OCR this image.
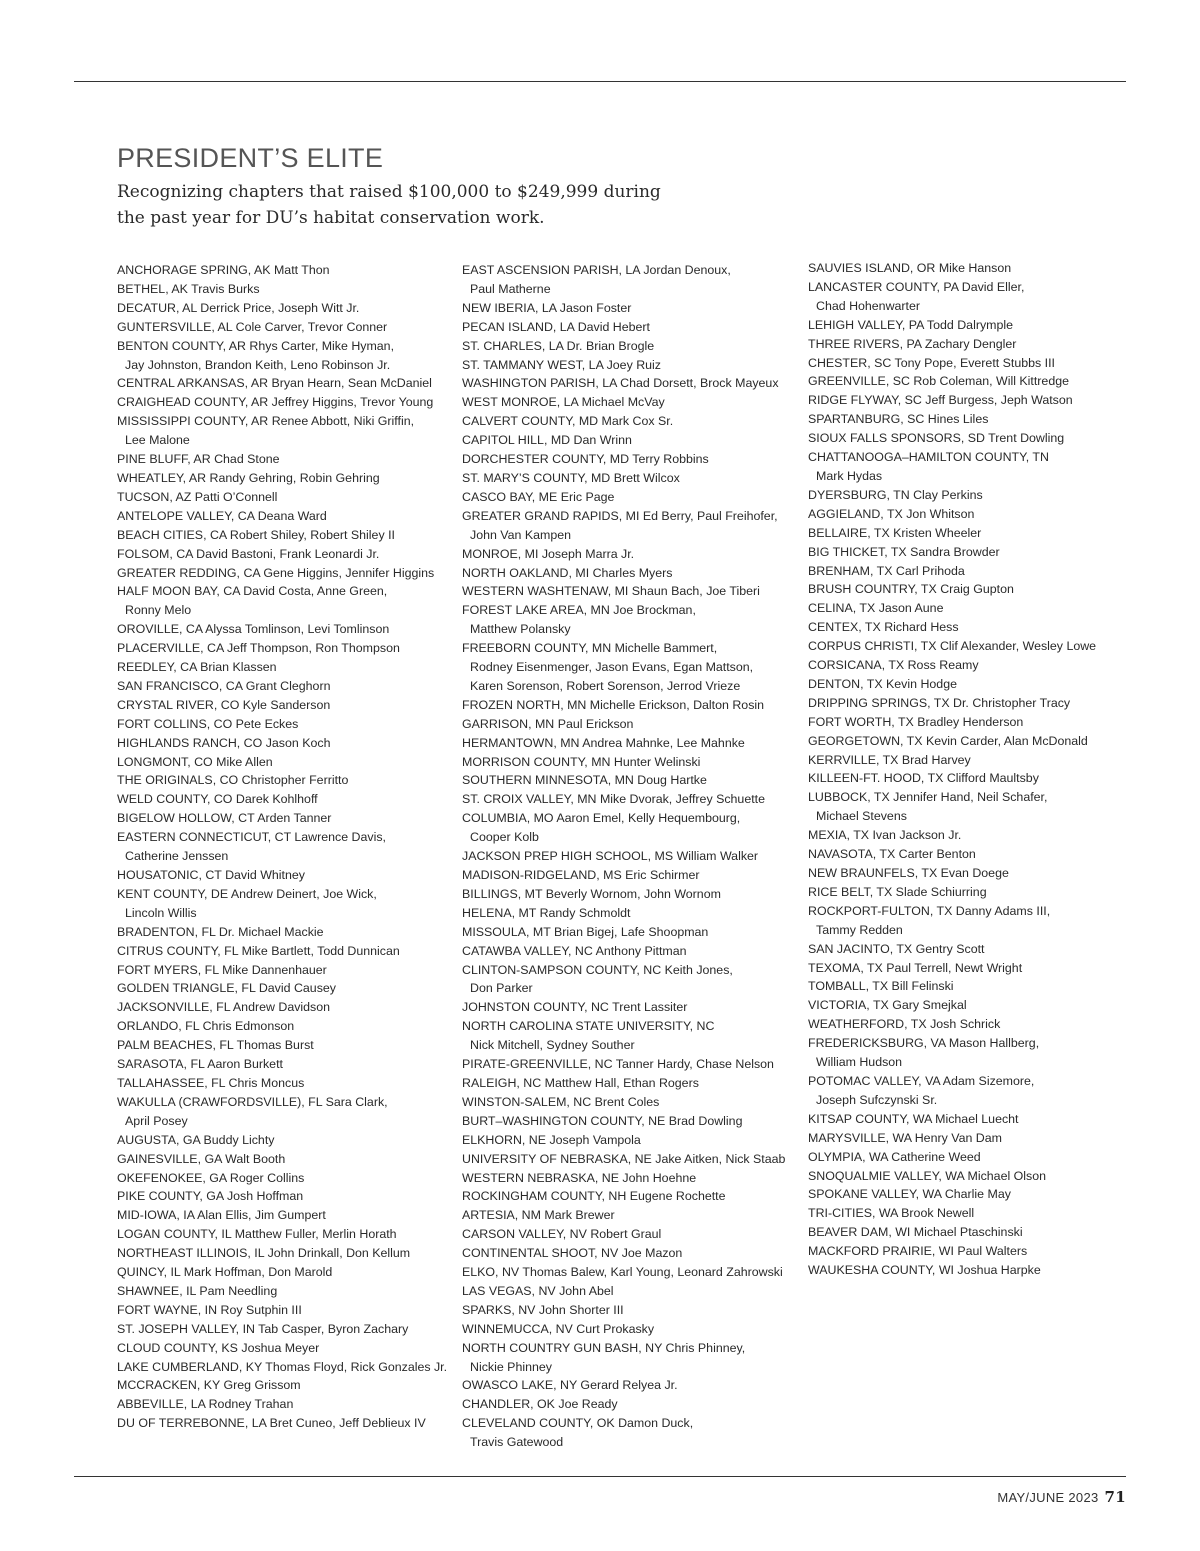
PRESIDENT’S ELITE
Recognizing chapters that raised $100,000 to $249,999 during
the past year for DU’s habitat conservation work.
ANCHORAGE SPRING, AK Matt Thon
BETHEL, AK Travis Burks
DECATUR, AL Derrick Price, Joseph Witt Jr.
GUNTERSVILLE, AL Cole Carver, Trevor Conner
BENTON COUNTY, AR Rhys Carter, Mike Hyman,
Jay Johnston, Brandon Keith, Leno Robinson Jr.
CENTRAL ARKANSAS, AR Bryan Hearn, Sean McDaniel
CRAIGHEAD COUNTY, AR Jeffrey Higgins, Trevor Young
MISSISSIPPI COUNTY, AR Renee Abbott, Niki Griffin,
Lee Malone
PINE BLUFF, AR Chad Stone
WHEATLEY, AR Randy Gehring, Robin Gehring
TUCSON, AZ Patti O’Connell
ANTELOPE VALLEY, CA Deana Ward
BEACH CITIES, CA Robert Shiley, Robert Shiley II
FOLSOM, CA David Bastoni, Frank Leonardi Jr.
GREATER REDDING, CA Gene Higgins, Jennifer Higgins
HALF MOON BAY, CA David Costa, Anne Green,
Ronny Melo
OROVILLE, CA Alyssa Tomlinson, Levi Tomlinson
PLACERVILLE, CA Jeff Thompson, Ron Thompson
REEDLEY, CA Brian Klassen
SAN FRANCISCO, CA Grant Cleghorn
CRYSTAL RIVER, CO Kyle Sanderson
FORT COLLINS, CO Pete Eckes
HIGHLANDS RANCH, CO Jason Koch
LONGMONT, CO Mike Allen
THE ORIGINALS, CO Christopher Ferritto
WELD COUNTY, CO Darek Kohlhoff
BIGELOW HOLLOW, CT Arden Tanner
EASTERN CONNECTICUT, CT Lawrence Davis,
Catherine Jenssen
HOUSATONIC, CT David Whitney
KENT COUNTY, DE Andrew Deinert, Joe Wick,
Lincoln Willis
BRADENTON, FL Dr. Michael Mackie
CITRUS COUNTY, FL Mike Bartlett, Todd Dunnican
FORT MYERS, FL Mike Dannenhauer
GOLDEN TRIANGLE, FL David Causey
JACKSONVILLE, FL Andrew Davidson
ORLANDO, FL Chris Edmonson
PALM BEACHES, FL Thomas Burst
SARASOTA, FL Aaron Burkett
TALLAHASSEE, FL Chris Moncus
WAKULLA (CRAWFORDSVILLE), FL Sara Clark,
April Posey
AUGUSTA, GA Buddy Lichty
GAINESVILLE, GA Walt Booth
OKEFENOKEE, GA Roger Collins
PIKE COUNTY, GA Josh Hoffman
MID-IOWA, IA Alan Ellis, Jim Gumpert
LOGAN COUNTY, IL Matthew Fuller, Merlin Horath
NORTHEAST ILLINOIS, IL John Drinkall, Don Kellum
QUINCY, IL Mark Hoffman, Don Marold
SHAWNEE, IL Pam Needling
FORT WAYNE, IN Roy Sutphin III
ST. JOSEPH VALLEY, IN Tab Casper, Byron Zachary
CLOUD COUNTY, KS Joshua Meyer
LAKE CUMBERLAND, KY Thomas Floyd, Rick Gonzales Jr.
MCCRACKEN, KY Greg Grissom
ABBEVILLE, LA Rodney Trahan
DU OF TERREBONNE, LA Bret Cuneo, Jeff Deblieux IV
EAST ASCENSION PARISH, LA Jordan Denoux,
Paul Matherne
NEW IBERIA, LA Jason Foster
PECAN ISLAND, LA David Hebert
ST. CHARLES, LA Dr. Brian Brogle
ST. TAMMANY WEST, LA Joey Ruiz
WASHINGTON PARISH, LA Chad Dorsett, Brock Mayeux
WEST MONROE, LA Michael McVay
CALVERT COUNTY, MD Mark Cox Sr.
CAPITOL HILL, MD Dan Wrinn
DORCHESTER COUNTY, MD Terry Robbins
ST. MARY’S COUNTY, MD Brett Wilcox
CASCO BAY, ME Eric Page
GREATER GRAND RAPIDS, MI Ed Berry, Paul Freihofer,
John Van Kampen
MONROE, MI Joseph Marra Jr.
NORTH OAKLAND, MI Charles Myers
WESTERN WASHTENAW, MI Shaun Bach, Joe Tiberi
FOREST LAKE AREA, MN Joe Brockman,
Matthew Polansky
FREEBORN COUNTY, MN Michelle Bammert,
Rodney Eisenmenger, Jason Evans, Egan Mattson,
Karen Sorenson, Robert Sorenson, Jerrod Vrieze
FROZEN NORTH, MN Michelle Erickson, Dalton Rosin
GARRISON, MN Paul Erickson
HERMANTOWN, MN Andrea Mahnke, Lee Mahnke
MORRISON COUNTY, MN Hunter Welinski
SOUTHERN MINNESOTA, MN Doug Hartke
ST. CROIX VALLEY, MN Mike Dvorak, Jeffrey Schuette
COLUMBIA, MO Aaron Emel, Kelly Hequembourg,
Cooper Kolb
JACKSON PREP HIGH SCHOOL, MS William Walker
MADISON-RIDGELAND, MS Eric Schirmer
BILLINGS, MT Beverly Wornom, John Wornom
HELENA, MT Randy Schmoldt
MISSOULA, MT Brian Bigej, Lafe Shoopman
CATAWBA VALLEY, NC Anthony Pittman
CLINTON-SAMPSON COUNTY, NC Keith Jones,
Don Parker
JOHNSTON COUNTY, NC Trent Lassiter
NORTH CAROLINA STATE UNIVERSITY, NC
Nick Mitchell, Sydney Souther
PIRATE-GREENVILLE, NC Tanner Hardy, Chase Nelson
RALEIGH, NC Matthew Hall, Ethan Rogers
WINSTON-SALEM, NC Brent Coles
BURT–WASHINGTON COUNTY, NE Brad Dowling
ELKHORN, NE Joseph Vampola
UNIVERSITY OF NEBRASKA, NE Jake Aitken, Nick Staab
WESTERN NEBRASKA, NE John Hoehne
ROCKINGHAM COUNTY, NH Eugene Rochette
ARTESIA, NM Mark Brewer
CARSON VALLEY, NV Robert Graul
CONTINENTAL SHOOT, NV Joe Mazon
ELKO, NV Thomas Balew, Karl Young, Leonard Zahrowski
LAS VEGAS, NV John Abel
SPARKS, NV John Shorter III
WINNEMUCCA, NV Curt Prokasky
NORTH COUNTRY GUN BASH, NY Chris Phinney,
Nickie Phinney
OWASCO LAKE, NY Gerard Relyea Jr.
CHANDLER, OK Joe Ready
CLEVELAND COUNTY, OK Damon Duck,
Travis Gatewood
SAUVIES ISLAND, OR Mike Hanson
LANCASTER COUNTY, PA David Eller,
Chad Hohenwarter
LEHIGH VALLEY, PA Todd Dalrymple
THREE RIVERS, PA Zachary Dengler
CHESTER, SC Tony Pope, Everett Stubbs III
GREENVILLE, SC Rob Coleman, Will Kittredge
RIDGE FLYWAY, SC Jeff Burgess, Jeph Watson
SPARTANBURG, SC Hines Liles
SIOUX FALLS SPONSORS, SD Trent Dowling
CHATTANOOGA–HAMILTON COUNTY, TN
Mark Hydas
DYERSBURG, TN Clay Perkins
AGGIELAND, TX Jon Whitson
BELLAIRE, TX Kristen Wheeler
BIG THICKET, TX Sandra Browder
BRENHAM, TX Carl Prihoda
BRUSH COUNTRY, TX Craig Gupton
CELINA, TX Jason Aune
CENTEX, TX Richard Hess
CORPUS CHRISTI, TX Clif Alexander, Wesley Lowe
CORSICANA, TX Ross Reamy
DENTON, TX Kevin Hodge
DRIPPING SPRINGS, TX Dr. Christopher Tracy
FORT WORTH, TX Bradley Henderson
GEORGETOWN, TX Kevin Carder, Alan McDonald
KERRVILLE, TX Brad Harvey
KILLEEN-FT. HOOD, TX Clifford Maultsby
LUBBOCK, TX Jennifer Hand, Neil Schafer,
Michael Stevens
MEXIA, TX Ivan Jackson Jr.
NAVASOTA, TX Carter Benton
NEW BRAUNFELS, TX Evan Doege
RICE BELT, TX Slade Schiurring
ROCKPORT-FULTON, TX Danny Adams III,
Tammy Redden
SAN JACINTO, TX Gentry Scott
TEXOMA, TX Paul Terrell, Newt Wright
TOMBALL, TX Bill Felinski
VICTORIA, TX Gary Smejkal
WEATHERFORD, TX Josh Schrick
FREDERICKSBURG, VA Mason Hallberg,
William Hudson
POTOMAC VALLEY, VA Adam Sizemore,
Joseph Sufczynski Sr.
KITSAP COUNTY, WA Michael Luecht
MARYSVILLE, WA Henry Van Dam
OLYMPIA, WA Catherine Weed
SNOQUALMIE VALLEY, WA Michael Olson
SPOKANE VALLEY, WA Charlie May
TRI-CITIES, WA Brook Newell
BEAVER DAM, WI Michael Ptaschinski
MACKFORD PRAIRIE, WI Paul Walters
WAUKESHA COUNTY, WI Joshua Harpke
MAY/JUNE 2023 71
